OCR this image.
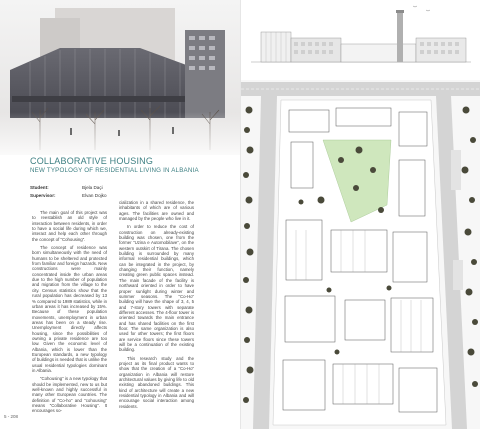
COLLABORATIVE HOUSING
NEW TYPOLOGY OF RESIDENTIAL LIVING IN ALBANIA
Student:	Bjela Daçi
Supervisor:	Elvan Dojko

The main goal of this project was to reestablish an old style of interaction between residents, in order to have a social life during which we, interact and help each other through the concept of “Cohousing”.

The concept of residence was born simultaneously with the need of humans to be sheltered and protected from familiar and foreign hazards. New constructions were mainly concentrated inside the urban areas due to the high number of population and migration from the village to the city. Census statistics show that the rural population has decreased by 13 % compared to 1989 statistics, while in urban areas it has increased by 15%. Because of these population movements, unemployment in urban areas has been on a steady rise. Unemployment directly affects housing, since the possibilities of owning a private residence are too low. Given the economic level of Albania, which is lower than the European standards, a new typology of buildings is needed that is unlike the usual residential typologies dominant in Albania.

“Cohousing” is a new typology that should be implemented, new to us but well-known and highly successful in many other European countries. The definition of “Co-ho” and “cohousing” means “Collaborative Housing”. It encourages so-

cialization in a shared residence, the inhabitants of which are of various ages. The facilities are owned and managed by the people who live in it.

In order to reduce the cost of construction on already-existing building was chosen, one from the former “Uzina e Automobilave”, on the western outskirt of Tirana. The chosen building is surrounded by many informal residential buildings, which can be integrated in the project, by changing their function, namely creating green public spaces instead. The main facade of the facility is northward oriented in order to have proper sunlight during winter and summer seasons. The “Co-Ho” building will have the shape of 3, 4, 5 and 7-story towers with separate different accesses. The 4-floor tower is oriented towards the main entrance and has shared facilities on the first floor. The same organization is also used for other towers; the first floors are service floors since these towers will be a continuation of the existing building.

This research study and the project as its final product wants to show that the creation of a “Co-Ho” organization in Albania will restore architectural values by giving life to old existing abandoned buildings. This kind of architecture will create a new residential typology in Albania and will encourage social interaction among residents.

5 - 208
